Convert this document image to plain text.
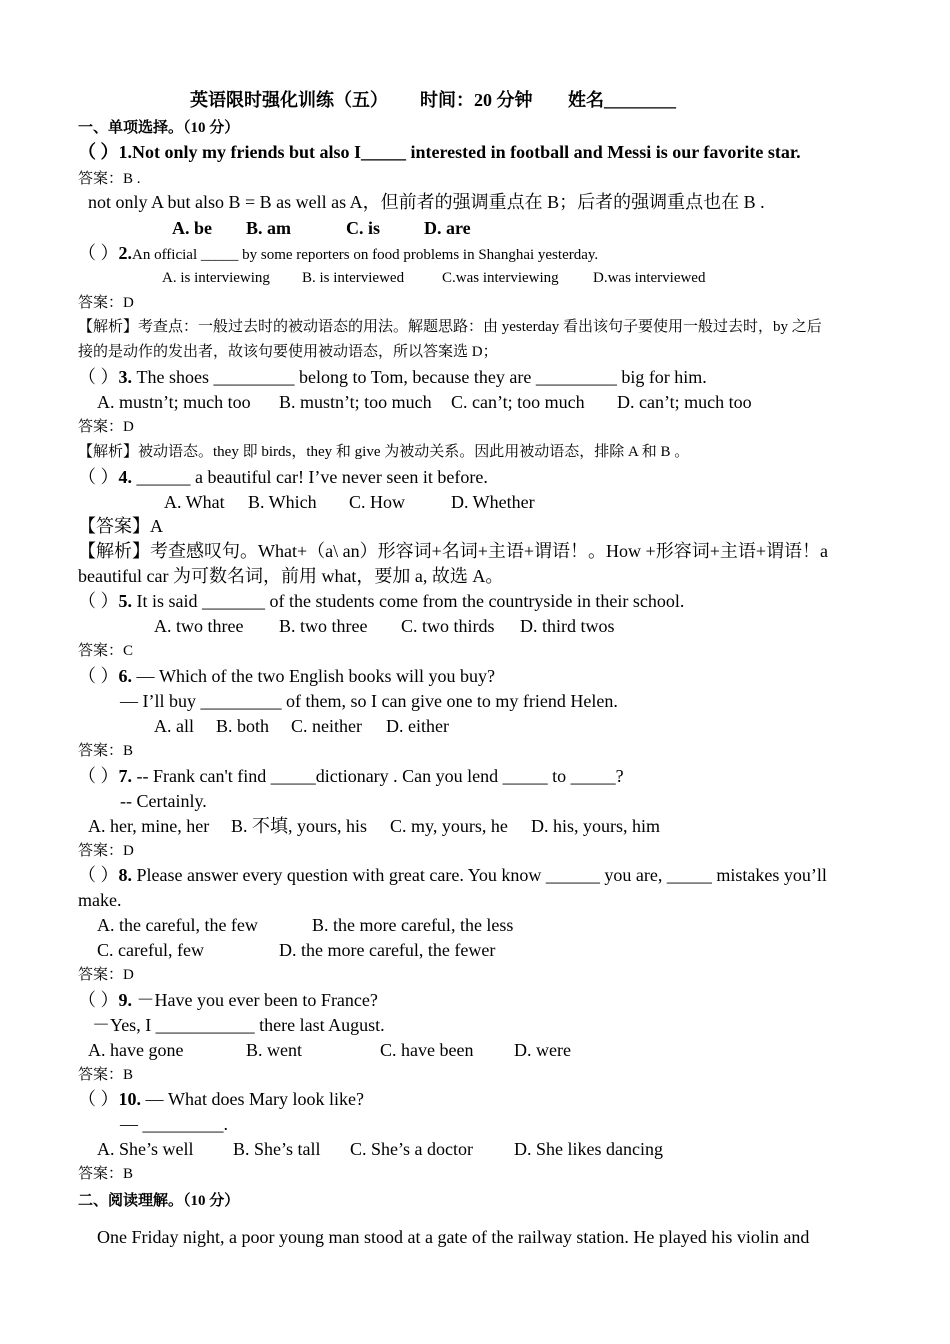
英语限时强化训练（五） 时间：20 分钟 姓名________
一、单项选择。（10 分）
（ ）1.Not only my friends but also I_____ interested in football and Messi is our favorite star.
答案：B .
not only A but also B = B as well as A，但前者的强调重点在 B；后者的强调重点也在 B .
A. be B. am	C. is D. are
（ ）2.An official _____ by some reporters on food problems in Shanghai yesterday.
A. is interviewing B. is interviewed	C.was interviewing D.was interviewed
答案：D
【解析】考查点：一般过去时的被动语态的用法。解题思路：由 yesterday 看出该句子要使用一般过去时，by 之后
接的是动作的发出者，故该句要使用被动语态，所以答案选 D；
（ ）3. The shoes _________ belong to Tom, because they are _________ big for him.
A. mustn’t; much too B. mustn’t; too much C. can’t; too much D. can’t; much too
答案：D
【解析】被动语态。they 即 birds，they 和 give 为被动关系。因此用被动语态，排除 A 和 B 。
（ ）4. ______ a beautiful car! I’ve never seen it before.
A. What B. Which C. How	D. Whether
【答案】A
【解析】考查感叹句。What+（a\ an）形容词+名词+主语+谓语！。How +形容词+主语+谓语！a
beautiful car 为可数名词，前用 what，要加 a, 故选 A。
（ ）5. It is said _______ of the students come from the countryside in their school.
A. two three B. two three C. two thirds D. third twos
答案：C
（ ）6. — Which of the two English books will you buy?
— I’ll buy _________ of them, so I can give one to my friend Helen.
A. all B. both C. neither D. either
答案：B
（ ）7. -- Frank can't find _____dictionary . Can you lend _____ to _____?
-- Certainly.
A. her, mine, her B. 不填, yours, his C. my, yours, he D. his, yours, him
答案：D
（ ）8. Please answer every question with great care. You know ______ you are, _____ mistakes you’ll
make.
A. the careful, the few	B. the more careful, the less
C. careful, few	D. the more careful, the fewer
答案：D
（ ）9. －Have you ever been to France?
－Yes, I ___________ there last August.
A. have gone	B. went	C. have been D. were
答案：B
（ ）10. — What does Mary look like?
— _________.
A. She’s well B. She’s tall C. She’s a doctor D. She likes dancing
答案：B
二、阅读理解。（10 分）
One Friday night, a poor young man stood at a gate of the railway station. He played his violin and
